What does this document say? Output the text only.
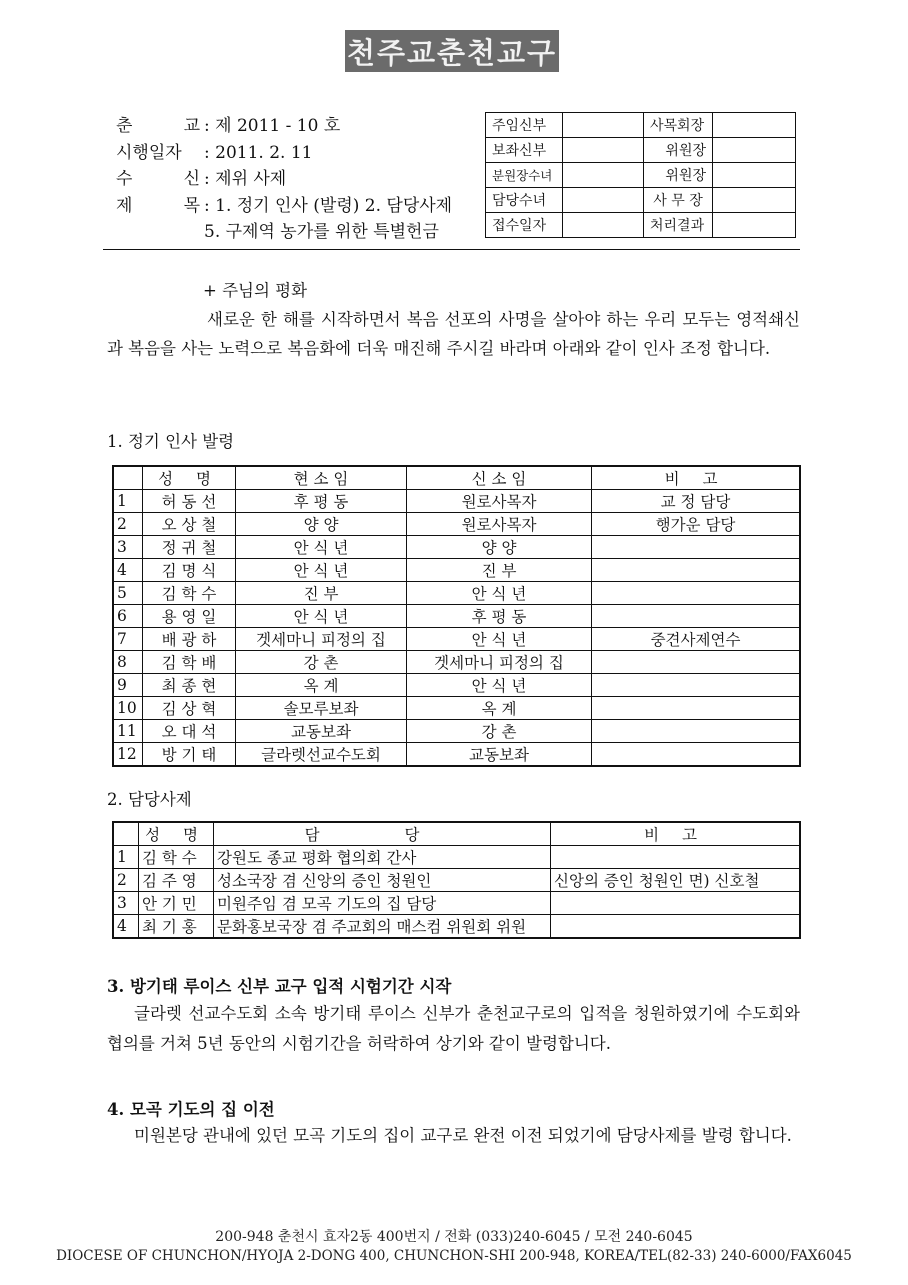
천주교춘천교구
춘 교 : 제 2011 - 10 호
시행일자 : 2011. 2. 11
수 신 : 제위 사제
제 목 : 1. 정기 인사 (발령) 2. 담당사제
5. 구제역 농가를 위한 특별헌금
주임신부		사목회장	
보좌신부		위원장	
분원장수녀		위원장	
담당수녀		사 무 장	
접수일자		처리결과	
+ 주님의 평화
새로운 한 해를 시작하면서 복음 선포의 사명을 살아야 하는 우리 모두는 영적쇄신과 복음을 사는 노력으로 복음화에 더욱 매진해 주시길 바라며 아래와 같이 인사 조정 합니다.
1. 정기 인사 발령
	성 명	현 소 임	신 소 임	비 고
1	허 동 선	후 평 동	원로사목자	교 정 담당
2	오 상 철	양 양	원로사목자	행가운 담당
3	정 귀 철	안 식 년	양 양	
4	김 명 식	안 식 년	진 부	
5	김 학 수	진 부	안 식 년	
6	용 영 일	안 식 년	후 평 동	
7	배 광 하	겟세마니 피정의 집	안 식 년	중견사제연수
8	김 학 배	강 촌	겟세마니 피정의 집	
9	최 종 현	옥 계	안 식 년	
10	김 상 혁	솔모루보좌	옥 계	
11	오 대 석	교동보좌	강 촌	
12	방 기 태	글라렛선교수도회	교동보좌	
2. 담당사제
	성 명	담 당	비 고
1	김 학 수	강원도 종교 평화 협의회 간사	
2	김 주 영	성소국장 겸 신앙의 증인 청원인	신앙의 증인 청원인 면) 신호철
3	안 기 민	미원주임 겸 모곡 기도의 집 담당	
4	최 기 홍	문화홍보국장 겸 주교회의 매스컴 위원회 위원	
3. 방기태 루이스 신부 교구 입적 시험기간 시작
글라렛 선교수도회 소속 방기태 루이스 신부가 춘천교구로의 입적을 청원하였기에 수도회와 협의를 거쳐 5년 동안의 시험기간을 허락하여 상기와 같이 발령합니다.
4. 모곡 기도의 집 이전
미원본당 관내에 있던 모곡 기도의 집이 교구로 완전 이전 되었기에 담당사제를 발령 합니다.
200-948 춘천시 효자2동 400번지 / 전화 (033)240-6045 / 모전 240-6045
DIOCESE OF CHUNCHON/HYOJA 2-DONG 400, CHUNCHON-SHI 200-948, KOREA/TEL(82-33) 240-6000/FAX6045
